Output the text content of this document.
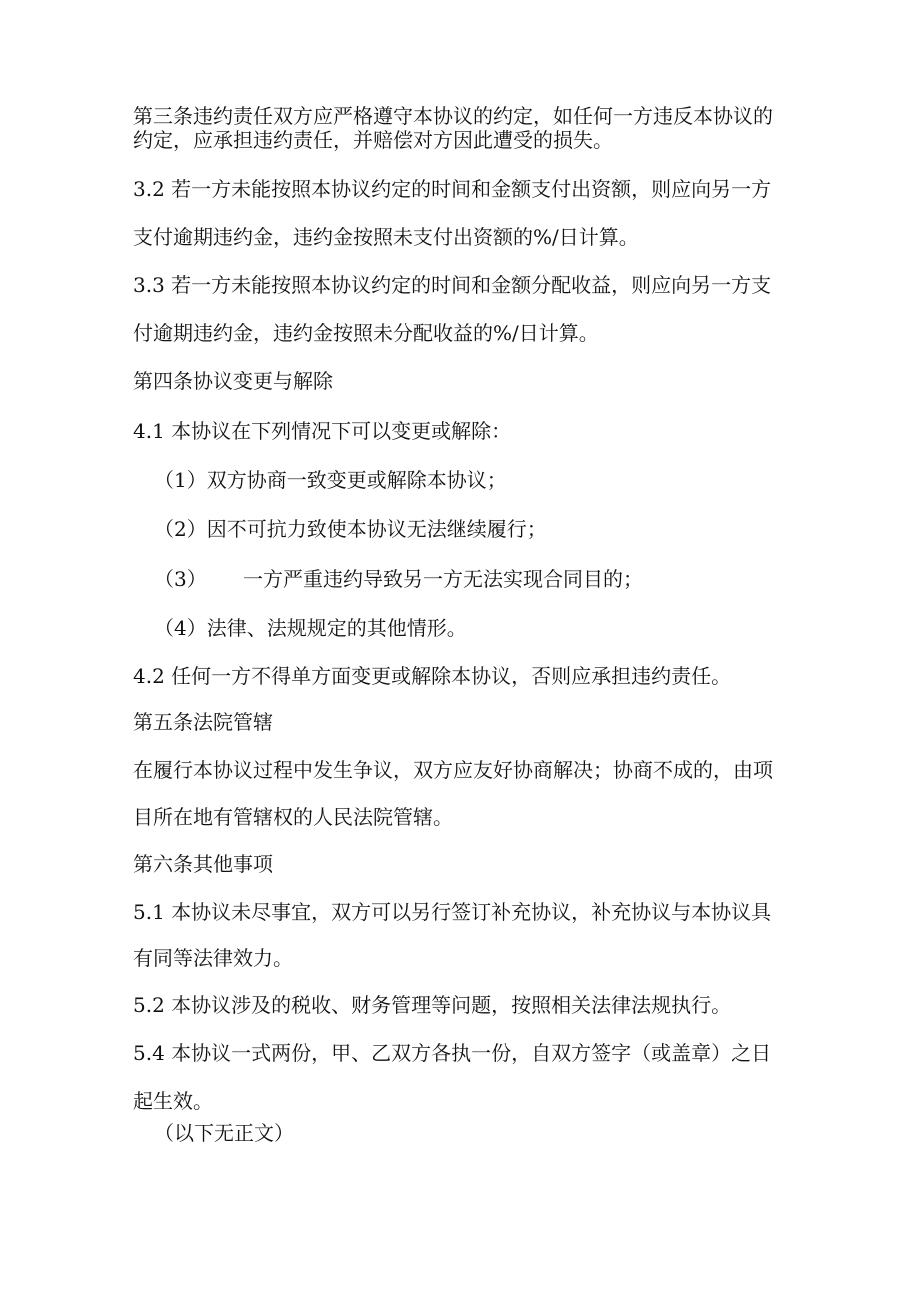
第三条违约责任双方应严格遵守本协议的约定，如任何一方违反本协议的
约定，应承担违约责任，并赔偿对方因此遭受的损失。
3.2 若一方未能按照本协议约定的时间和金额支付出资额，则应向另一方
支付逾期违约金，违约金按照未支付出资额的%/日计算。
3.3 若一方未能按照本协议约定的时间和金额分配收益，则应向另一方支
付逾期违约金，违约金按照未分配收益的%/日计算。
第四条协议变更与解除
4.1 本协议在下列情况下可以变更或解除：
（1）双方协商一致变更或解除本协议；
（2）因不可抗力致使本协议无法继续履行；
（3） 一方严重违约导致另一方无法实现合同目的；
（4）法律、法规规定的其他情形。
4.2 任何一方不得单方面变更或解除本协议，否则应承担违约责任。
第五条法院管辖
在履行本协议过程中发生争议，双方应友好协商解决；协商不成的，由项
目所在地有管辖权的人民法院管辖。
第六条其他事项
5.1 本协议未尽事宜，双方可以另行签订补充协议，补充协议与本协议具
有同等法律效力。
5.2 本协议涉及的税收、财务管理等问题，按照相关法律法规执行。
5.4 本协议一式两份，甲、乙双方各执一份，自双方签字（或盖章）之日
起生效。
（以下无正文）
